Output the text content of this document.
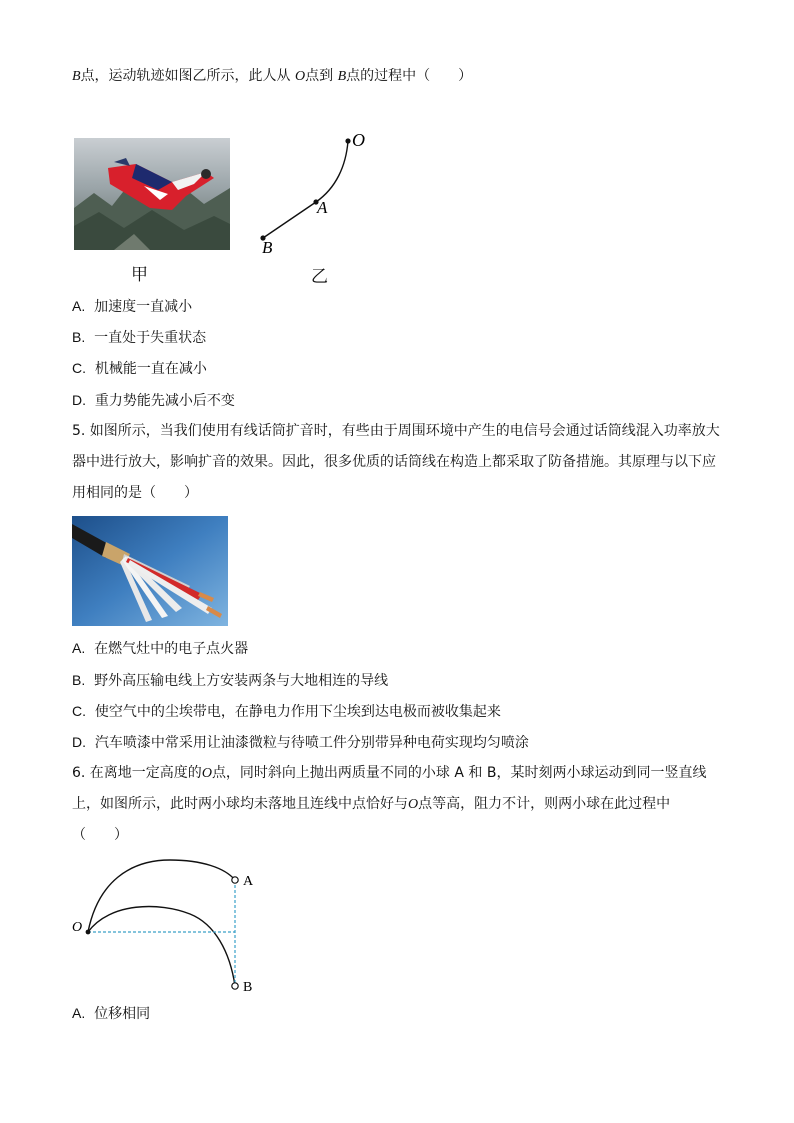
B点，运动轨迹如图乙所示，此人从 O点到 B点的过程中（　　）
O
A
B
甲	乙
A. 加速度一直减小
B. 一直处于失重状态
C. 机械能一直在减小
D. 重力势能先减小后不变
5. 如图所示，当我们使用有线话筒扩音时，有些由于周围环境中产生的电信号会通过话筒线混入功率放大
器中进行放大，影响扩音的效果。因此，很多优质的话筒线在构造上都采取了防备措施。其原理与以下应
用相同的是（　　）
A. 在燃气灶中的电子点火器
B. 野外高压输电线上方安装两条与大地相连的导线
C. 使空气中的尘埃带电，在静电力作用下尘埃到达电极而被收集起来
D. 汽车喷漆中常采用让油漆微粒与待喷工件分别带异种电荷实现均匀喷涂
6. 在离地一定高度的O点，同时斜向上抛出两质量不同的小球 A 和 B，某时刻两小球运动到同一竖直线
上，如图所示，此时两小球均未落地且连线中点恰好与O点等高，阻力不计，则两小球在此过程中
（　　）
O
A
B
A. 位移相同
